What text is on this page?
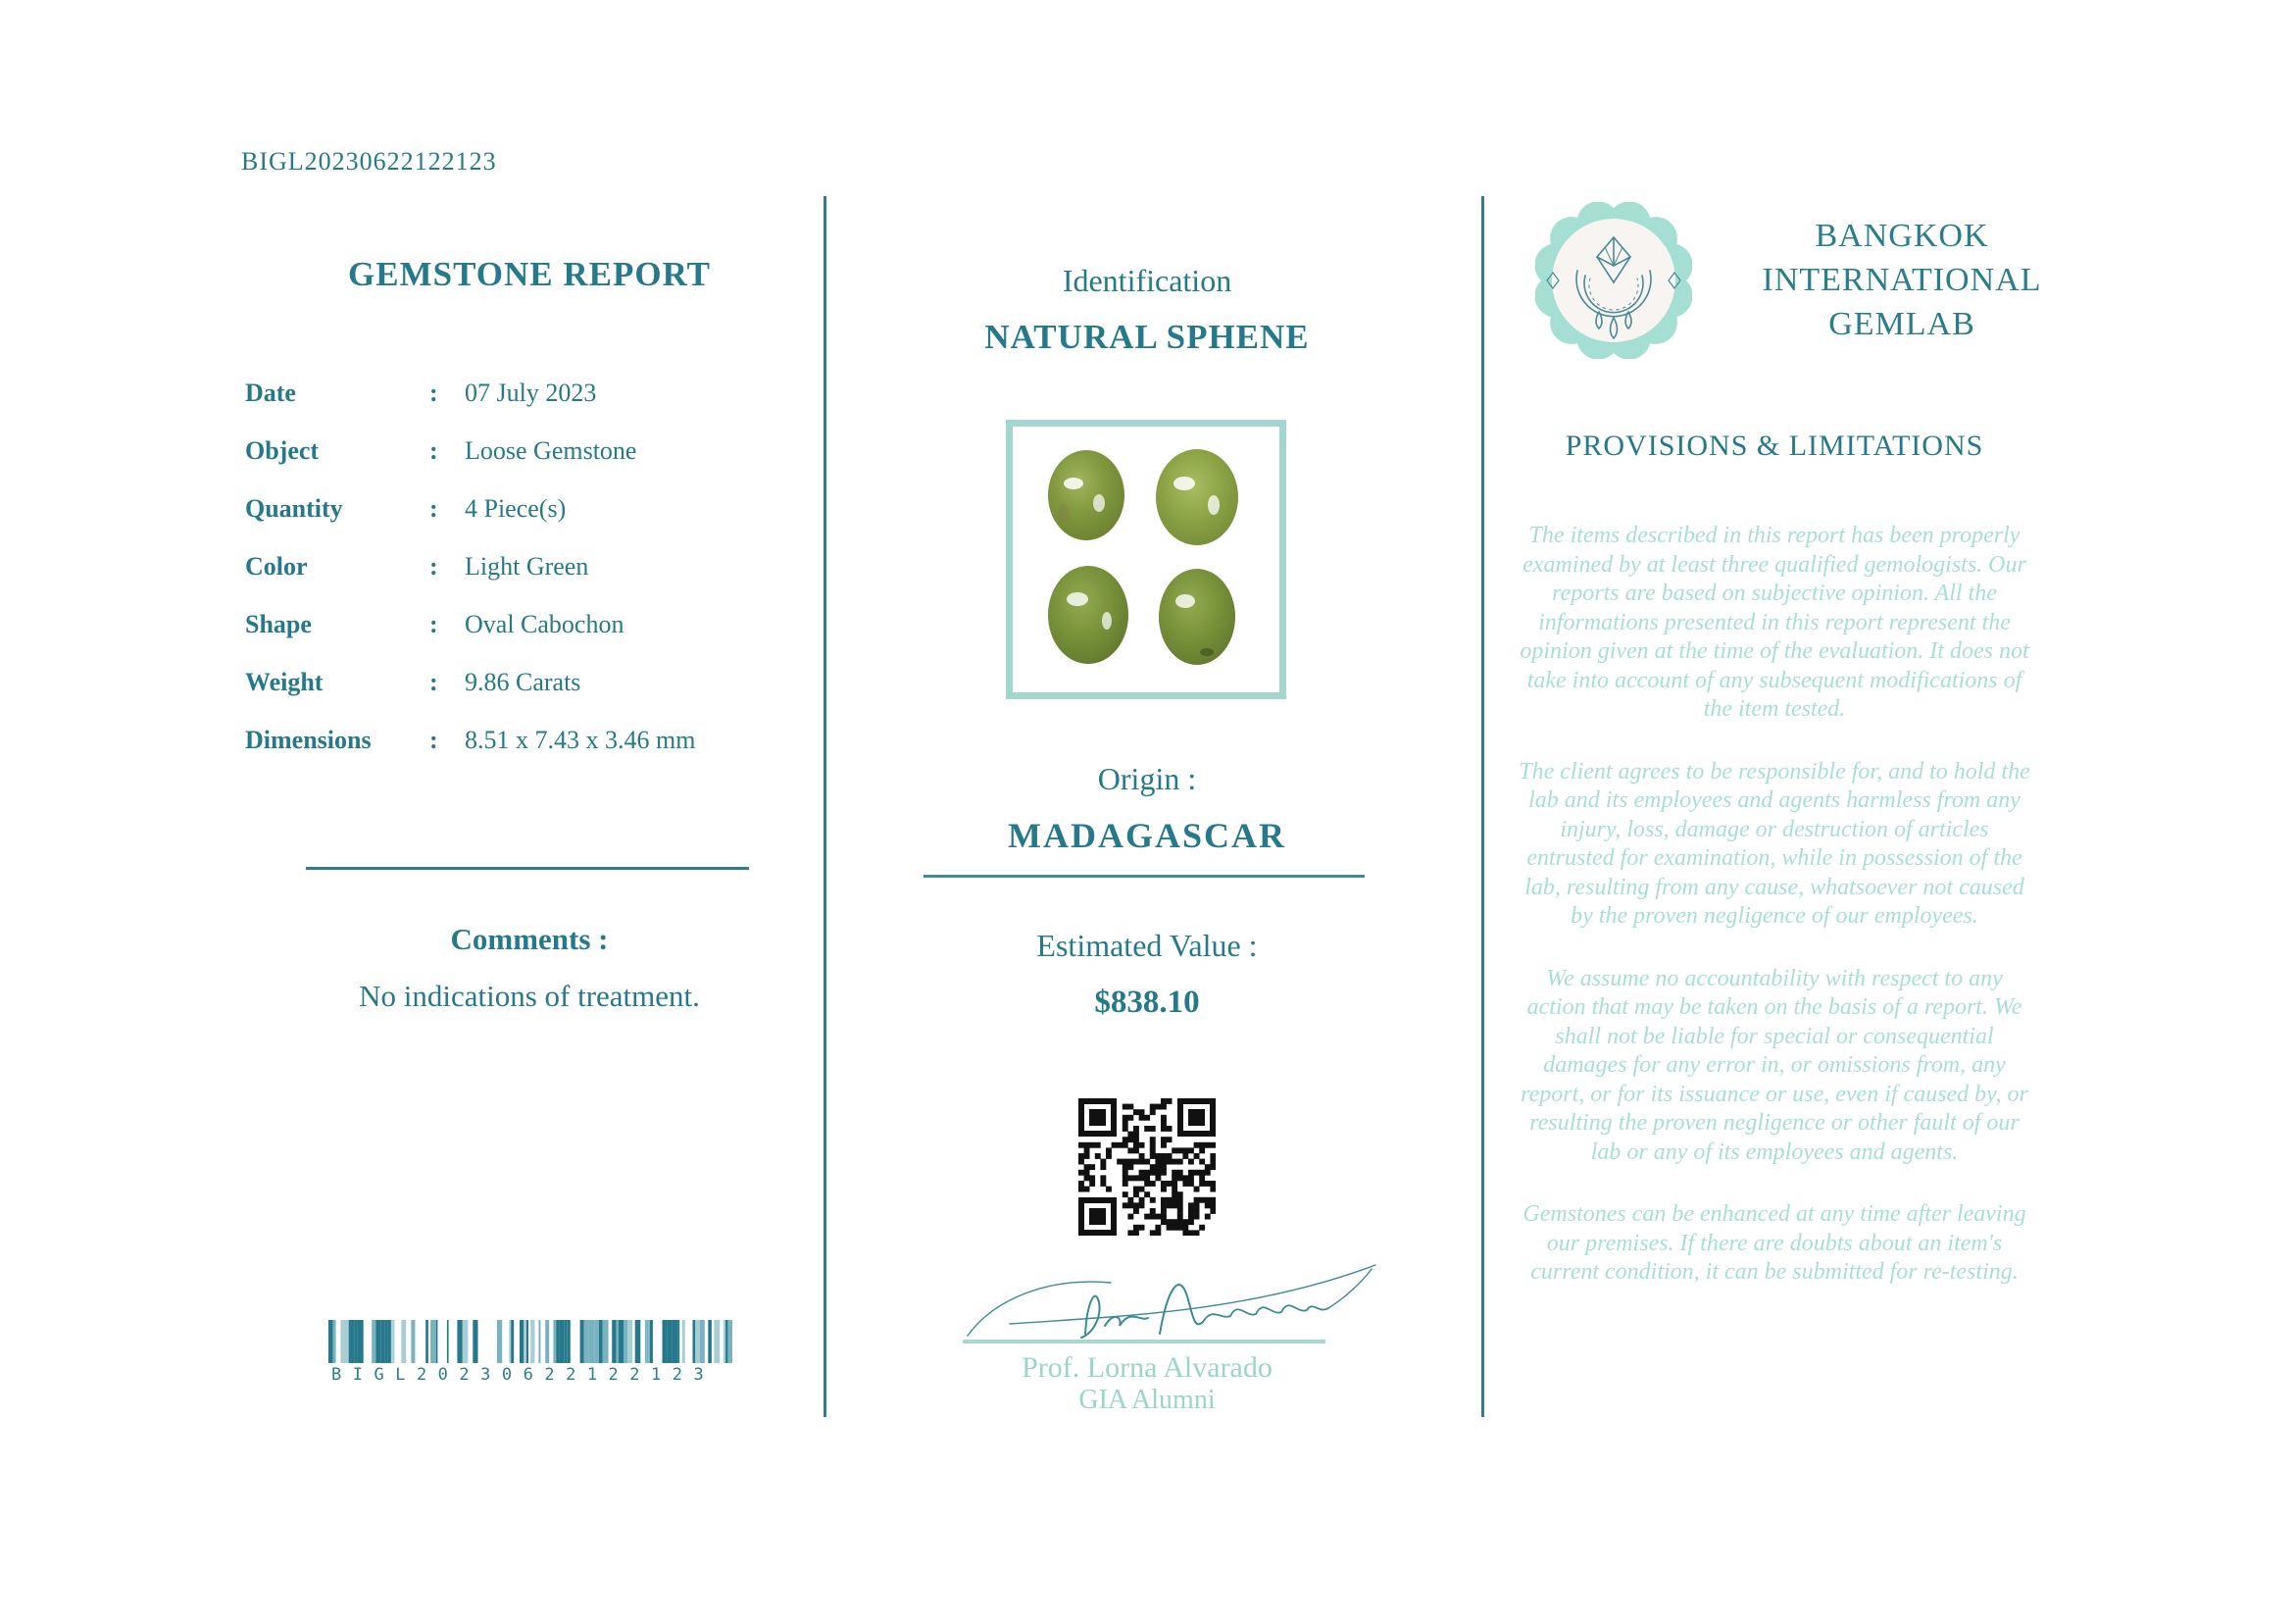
BIGL20230622122123
GEMSTONE REPORT
Date	:	07 July 2023
Object	:	Loose Gemstone
Quantity	:	4 Piece(s)
Color	:	Light Green
Shape	:	Oval Cabochon
Weight	:	9.86 Carats
Dimensions	:	8.51 x 7.43 x 3.46 mm
Comments :
No indications of treatment.
BIGL20230622122123
Identification
NATURAL SPHENE
Origin :
MADAGASCAR
Estimated Value :
$838.10
Prof. Lorna Alvarado
GIA Alumni
BANGKOK
INTERNATIONAL
GEMLAB
PROVISIONS & LIMITATIONS

The items described in this report has been properly examined by at least three qualified gemologists. Our reports are based on subjective opinion. All the informations presented in this report represent the opinion given at the time of the evaluation. It does not take into account of any subsequent modifications of the item tested.

The client agrees to be responsible for, and to hold the lab and its employees and agents harmless from any injury, loss, damage or destruction of articles entrusted for examination, while in possession of the lab, resulting from any cause, whatsoever not caused by the proven negligence of our employees.

We assume no accountability with respect to any action that may be taken on the basis of a report. We shall not be liable for special or consequential damages for any error in, or omissions from, any report, or for its issuance or use, even if caused by, or resulting the proven negligence or other fault of our lab or any of its employees and agents.

Gemstones can be enhanced at any time after leaving our premises. If there are doubts about an item's current condition, it can be submitted for re-testing.
